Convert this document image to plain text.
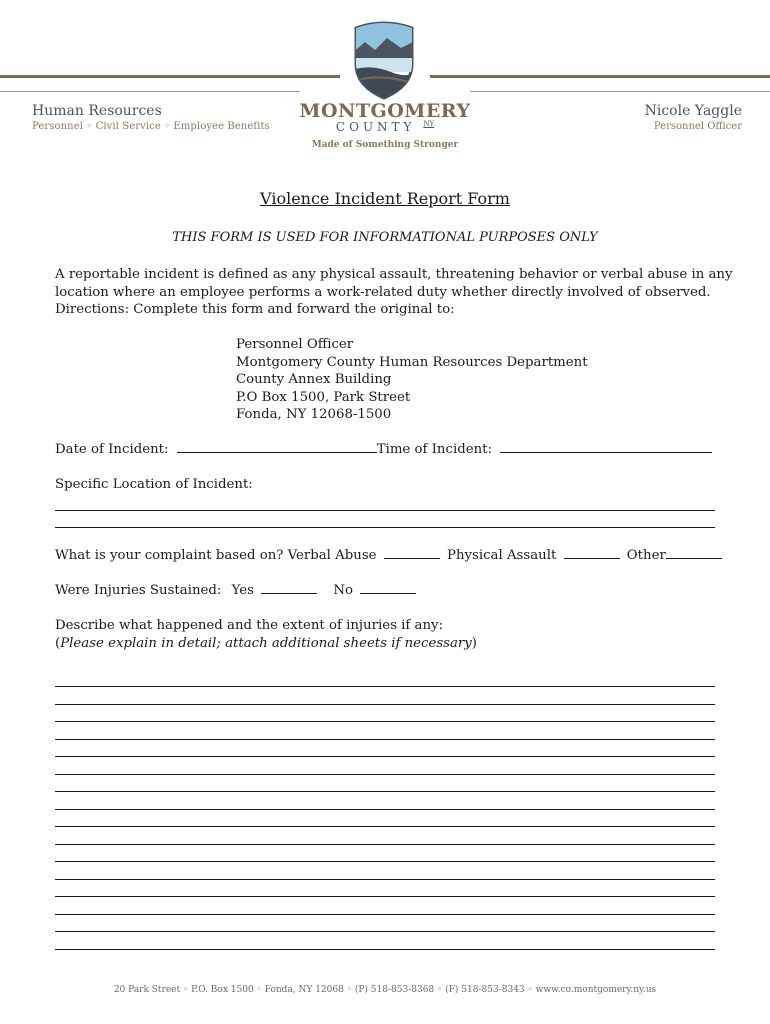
Human Resources
Personnel ◦ Civil Service ◦ Employee Benefits
MONTGOMERY
COUNTY $^{NY}$
Made of Something Stronger
Nicole Yaggle
Personnel Officer
Violence Incident Report Form
THIS FORM IS USED FOR INFORMATIONAL PURPOSES ONLY
A reportable incident is defined as any physical assault, threatening behavior or verbal abuse in any
location where an employee performs a work-related duty whether directly involved of observed.
Directions: Complete this form and forward the original to:
Personnel Officer
Montgomery County Human Resources Department
County Annex Building
P.O Box 1500, Park Street
Fonda, NY 12068-1500
Date of Incident:	Time of Incident:
Specific Location of Incident:
What is your complaint based on? Verbal Abuse	Physical Assault	Other
Were Injuries Sustained: Yes	No
Describe what happened and the extent of injuries if any:
(Please explain in detail; attach additional sheets if necessary)
20 Park Street ◦ P.O. Box 1500 ◦ Fonda, NY 12068 ◦ (P) 518-853-8368 ◦ (F) 518-853-8343 ◦ www.co.montgomery.ny.us
